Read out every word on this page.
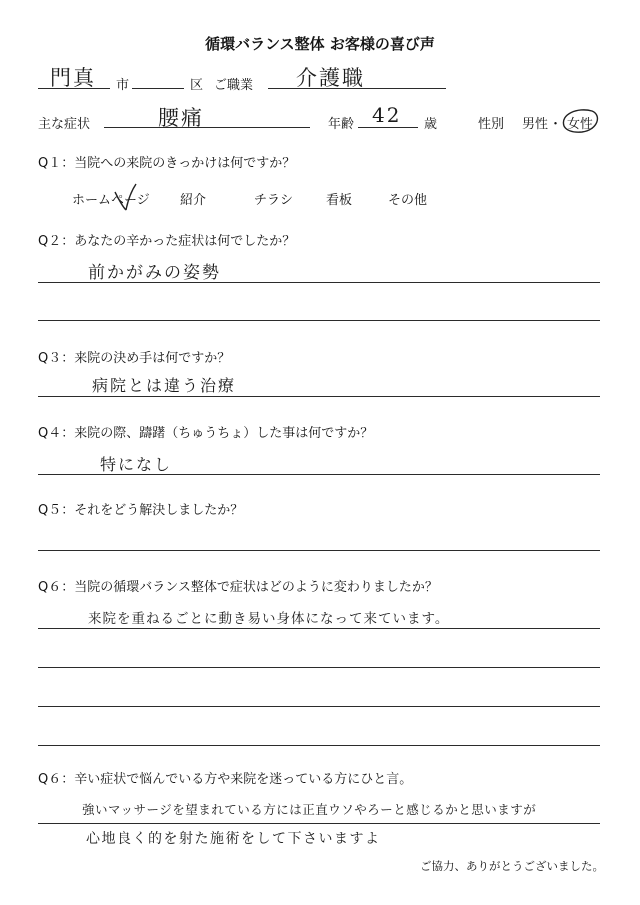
循環バランス整体 お客様の喜び声
門真 市	区 ご職業 介護職
主な症状	腰痛	年齢 42 歳	性別 男性 ・ 女性
Q１：当院への来院のきっかけは何ですか？
ホームページ 紹介	チラシ	看板	その他
Q２：あなたの辛かった症状は何でしたか？
前かがみの姿勢
Q３：来院の決め手は何ですか？
病院とは違う治療
Q４：来院の際、躊躇（ちゅうちょ）した事は何ですか？
特になし
Q５：それをどう解決しましたか？
Q６：当院の循環バランス整体で症状はどのように変わりましたか？
来院を重ねるごとに動き易い身体になって来ています。
Q６：辛い症状で悩んでいる方や来院を迷っている方にひと言。
強いマッサージを望まれている方には正直ウソやろーと感じるかと思いますが
心地良く的を射た施術をして下さいますよ
ご協力、ありがとうございました。
